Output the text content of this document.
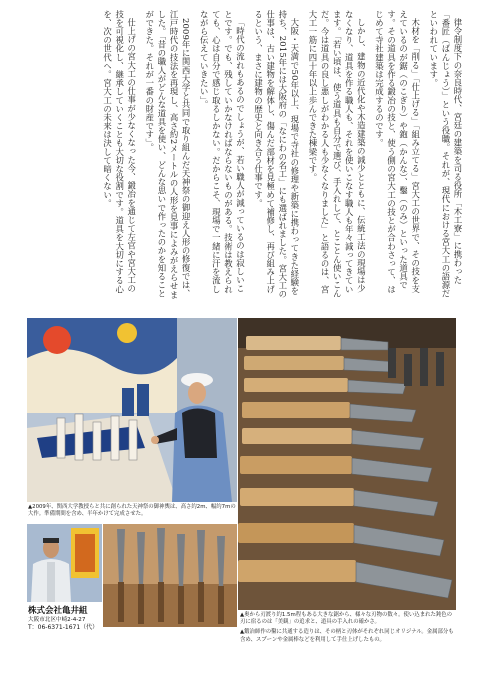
律令制度下の奈良時代、宮廷の建築を司る役所「木工寮」に携わった「番匠（ばんじょう）」という役職。それが、現代における宮大工の語源だといわれています。

木材を「削る」「仕上げる」「組み立てる」宮大工の世界で、その技を支えているのが鋸（のこぎり）や鉋（かんな）、鑿（のみ）といった道具です。その道具を作る鍛冶の技と、使う側の宮大工の技とが合わさって、はじめて寺社建築は完成するのです。

しかし、建物の近代化や木造建築の減少とともに、伝統工法の現場は少なくなり、道具を作る職人も、それを使いこなす職人も年々減ってきています。「若い頃は、使う道具も自分で選び、手入れして、とことん使いこんだ。今は道具の良し悪しがわかる人も少なくなりました」と語るのは、宮大工一筋に四十年以上歩んできた棟梁です。

大阪・天満で50年以上、現場で寺社の修理や新築に携わってきた経験を持ち、2015年には大阪府の「なにわの名工」にも選ばれました。宮大工の仕事は、古い建物を解体し、傷んだ部材を見極めて補修し、再び組み上げるという、まさに建物の歴史と向き合う仕事です。

「時代の流れもあるのでしょうが、若い職人が減っているのは寂しいことです。でも、残していかなければならないものがある。技術は教えられても、心は自分で感じ取るしかない。だからこそ、現場で一緒に汗を流しながら伝えていきたい」。

2009年に関西大学と共同で取り組んだ天神祭の御迎え人形の修復では、江戸時代の技法を再現し、高さ約2メートルの人形を見事によみがえらせました。「昔の職人がどんな道具を使い、どんな思いで作ったのかを知ることができた。それが一番の財産です」。

仕上げの宮大工の仕事が少なくなった今、鍛冶を通じて左官や宮大工の技を可視化し、継承していくことも大切な役割です。道具を大切にする心を、次の世代へ。宮大工の未来は決して暗くない。

▲2009年、関西大学教授らと共に創られた天神祭の御神輿は、高さ約2m、幅約7mの大作。準備期間を含め、半年かけて完成させた。
▲奥から刃渡り約1.5m程もある大きな鋸から、様々な刃物の数々。使い込まれた鈍色の刃に宿るのは「美観」の追求と、道具の手入れの確かさ。
▲鍛冶師作の鑿に共通する造りは、その柄と刃体がそれぞれ同じオリジナル。金属部分も含め、スプーンや金属棒などを利用して手仕上げしたもの。
株式会社亀井組
大阪市北区中崎2-4-27
T：06-6371-1671（代）
